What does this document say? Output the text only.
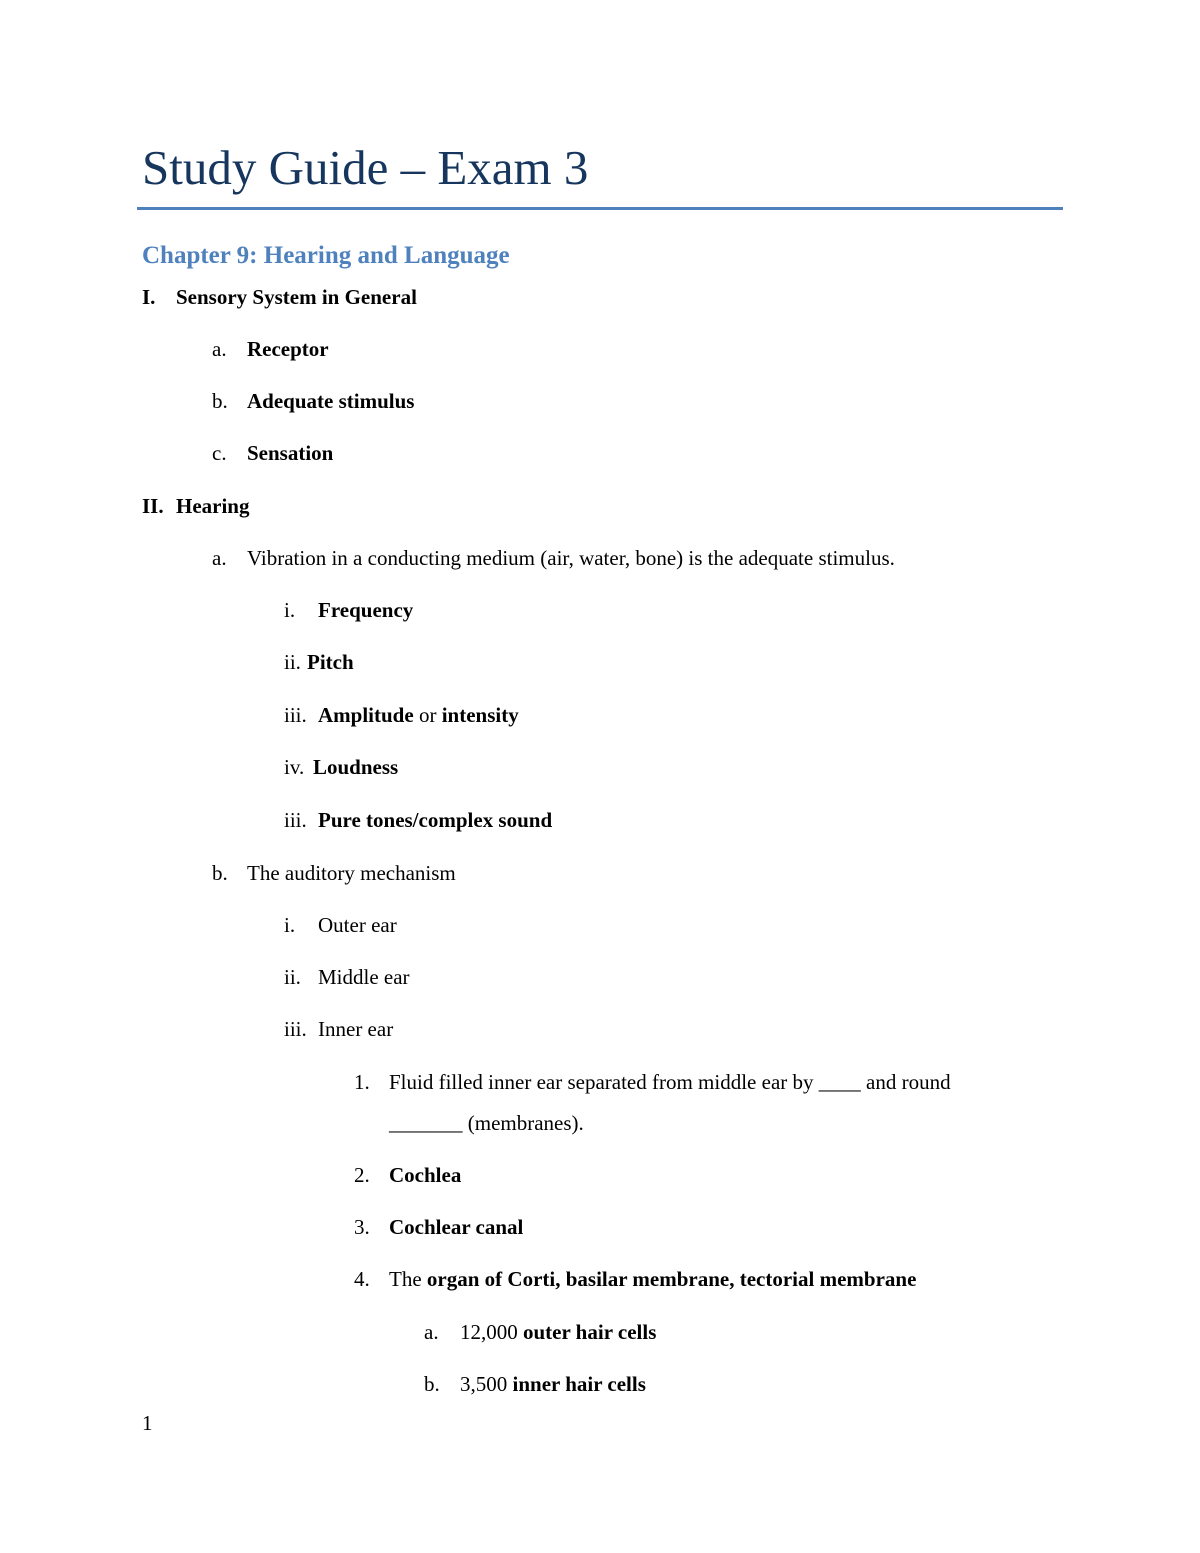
Study Guide – Exam 3
Chapter 9: Hearing and Language
I. Sensory System in General
a. Receptor
b. Adequate stimulus
c. Sensation
II. Hearing
a. Vibration in a conducting medium (air, water, bone) is the adequate stimulus.
i. Frequency
ii. Pitch
iii. Amplitude or intensity
iv. Loudness
iii. Pure tones/complex sound
b. The auditory mechanism
i. Outer ear
ii. Middle ear
iii. Inner ear
1. Fluid filled inner ear separated from middle ear by ____ and round
_______ (membranes).
2. Cochlea
3. Cochlear canal
4. The organ of Corti, basilar membrane, tectorial membrane
a. 12,000 outer hair cells
b. 3,500 inner hair cells
1
